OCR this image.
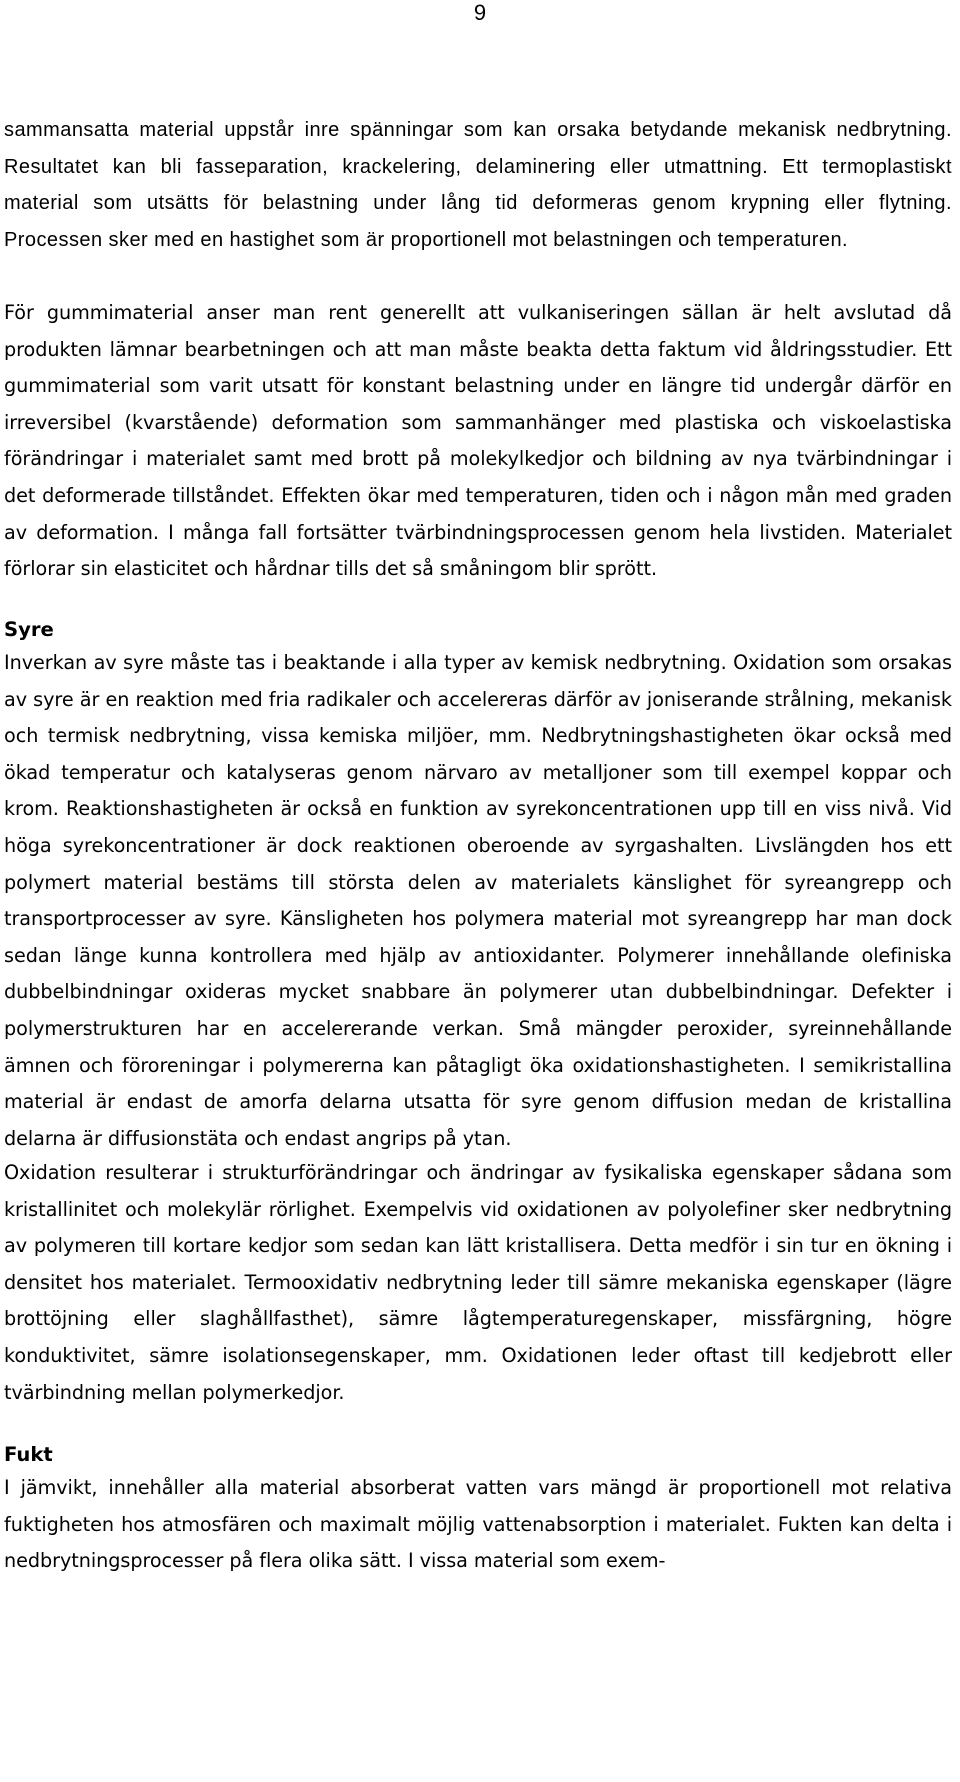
9

sammansatta material uppstår inre spänningar som kan orsaka betydande mekanisk nedbrytning. Resultatet kan bli fasseparation, krackelering, delaminering eller utmattning. Ett termoplastiskt material som utsätts för belastning under lång tid deformeras genom krypning eller flytning. Processen sker med en hastighet som är proportionell mot belastningen och temperaturen.

För gummimaterial anser man rent generellt att vulkaniseringen sällan är helt avslutad då produkten lämnar bearbetningen och att man måste beakta detta faktum vid åldringsstudier. Ett gummimaterial som varit utsatt för konstant belastning under en längre tid undergår därför en irreversibel (kvarstående) deformation som sammanhänger med plastiska och viskoelastiska förändringar i materialet samt med brott på molekylkedjor och bildning av nya tvärbindningar i det deformerade tillståndet. Effekten ökar med temperaturen, tiden och i någon mån med graden av deformation. I många fall fortsätter tvärbindningsprocessen genom hela livstiden. Materialet förlorar sin elasticitet och hårdnar tills det så småningom blir sprött.

Syre

Inverkan av syre måste tas i beaktande i alla typer av kemisk nedbrytning. Oxidation som orsakas av syre är en reaktion med fria radikaler och accelereras därför av joniserande strålning, mekanisk och termisk nedbrytning, vissa kemiska miljöer, mm. Nedbrytningshastigheten ökar också med ökad temperatur och katalyseras genom närvaro av metalljoner som till exempel koppar och krom. Reaktionshastigheten är också en funktion av syrekoncentrationen upp till en viss nivå. Vid höga syrekoncentrationer är dock reaktionen oberoende av syrgashalten. Livslängden hos ett polymert material bestäms till största delen av materialets känslighet för syreangrepp och transportprocesser av syre. Känsligheten hos polymera material mot syreangrepp har man dock sedan länge kunna kontrollera med hjälp av antioxidanter. Polymerer innehållande olefiniska dubbelbindningar oxideras mycket snabbare än polymerer utan dubbelbindningar. Defekter i polymerstrukturen har en accelererande verkan. Små mängder peroxider, syreinnehållande ämnen och föroreningar i polymererna kan påtagligt öka oxidationshastigheten. I semikristallina material är endast de amorfa delarna utsatta för syre genom diffusion medan de kristallina delarna är diffusionstäta och endast angrips på ytan.

Oxidation resulterar i strukturförändringar och ändringar av fysikaliska egenskaper sådana som kristallinitet och molekylär rörlighet. Exempelvis vid oxidationen av polyolefiner sker nedbrytning av polymeren till kortare kedjor som sedan kan lätt kristallisera. Detta medför i sin tur en ökning i densitet hos materialet. Termooxidativ nedbrytning leder till sämre mekaniska egenskaper (lägre brottöjning eller slaghållfasthet), sämre lågtemperaturegenskaper, missfärgning, högre konduktivitet, sämre isolationsegenskaper, mm. Oxidationen leder oftast till kedjebrott eller tvärbindning mellan polymerkedjor.

Fukt

I jämvikt, innehåller alla material absorberat vatten vars mängd är proportionell mot relativa fuktigheten hos atmosfären och maximalt möjlig vattenabsorption i materialet. Fukten kan delta i nedbrytningsprocesser på flera olika sätt. I vissa material som exem-
